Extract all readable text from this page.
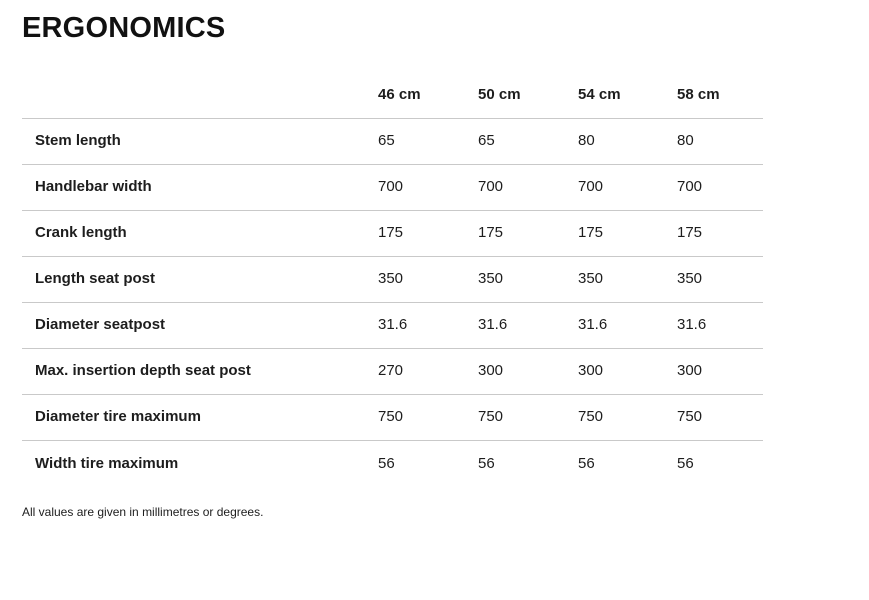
ERGONOMICS
	46 cm	50 cm	54 cm	58 cm
Stem length	65	65	80	80
Handlebar width	700	700	700	700
Crank length	175	175	175	175
Length seat post	350	350	350	350
Diameter seatpost	31.6	31.6	31.6	31.6
Max. insertion depth seat post	270	300	300	300
Diameter tire maximum	750	750	750	750
Width tire maximum	56	56	56	56
All values are given in millimetres or degrees.
